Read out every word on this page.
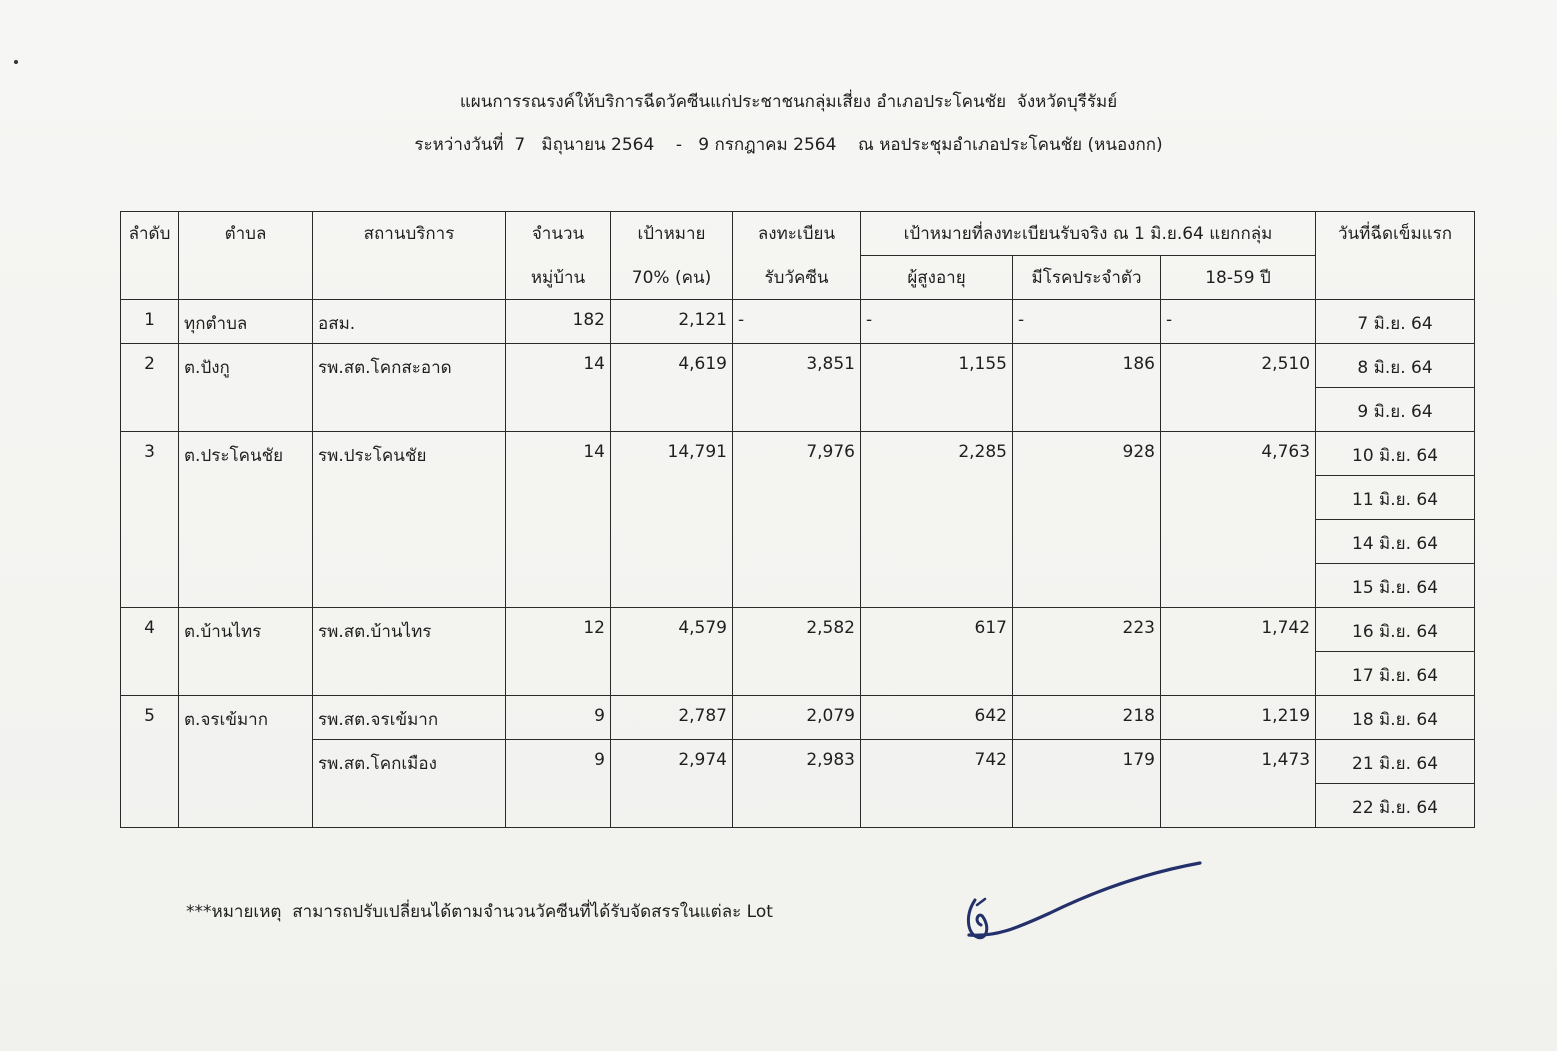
แผนการรณรงค์ให้บริการฉีดวัคซีนแก่ประชาชนกลุ่มเสี่ยง อำเภอประโคนชัย  จังหวัดบุรีรัมย์
ระหว่างวันที่  7   มิถุนายน 2564    -   9 กรกฎาคม 2564    ณ หอประชุมอำเภอประโคนชัย (หนองกก)
ลำดับ	ตำบล	สถานบริการ	จำนวน	เป้าหมาย	ลงทะเบียน	เป้าหมายที่ลงทะเบียนรับจริง ณ 1 มิ.ย.64 แยกกลุ่ม			วันที่ฉีดเข็มแรก
			หมู่บ้าน	70% (คน)	รับวัคซีน	ผู้สูงอายุ	มีโรคประจำตัว	18-59 ปี	
1	ทุกตำบล	อสม.	182	2,121	-	-	-	-	7 มิ.ย. 64
2	ต.ปังกู	รพ.สต.โคกสะอาด	14	4,619	3,851	1,155	186	2,510	8 มิ.ย. 64
									9 มิ.ย. 64
3	ต.ประโคนชัย	รพ.ประโคนชัย	14	14,791	7,976	2,285	928	4,763	10 มิ.ย. 64
									11 มิ.ย. 64
									14 มิ.ย. 64
									15 มิ.ย. 64
4	ต.บ้านไทร	รพ.สต.บ้านไทร	12	4,579	2,582	617	223	1,742	16 มิ.ย. 64
									17 มิ.ย. 64
5	ต.จรเข้มาก	รพ.สต.จรเข้มาก	9	2,787	2,079	642	218	1,219	18 มิ.ย. 64
		รพ.สต.โคกเมือง	9	2,974	2,983	742	179	1,473	21 มิ.ย. 64
									22 มิ.ย. 64
***หมายเหตุ  สามารถปรับเปลี่ยนได้ตามจำนวนวัคซีนที่ได้รับจัดสรรในแต่ละ Lot
